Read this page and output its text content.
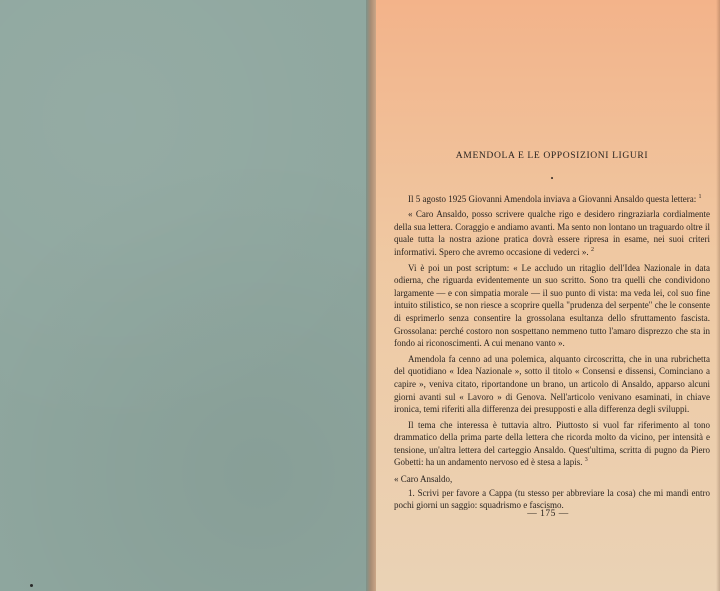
AMENDOLA E LE OPPOSIZIONI LIGURI
•

Il 5 agosto 1925 Giovanni Amendola inviava a Giovanni Ansaldo questa lettera: $^1$

« Caro Ansaldo, posso scrivere qualche rigo e desidero ringraziarla cordialmente della sua lettera. Coraggio e andiamo avanti. Ma sento non lontano un traguardo oltre il quale tutta la nostra azione pratica dovrà essere ripresa in esame, nei suoi criteri informativi. Spero che avremo occasione di vederci ». $^2$

Vi è poi un post scriptum: « Le accludo un ritaglio dell'Idea Nazionale in data odierna, che riguarda evidentemente un suo scritto. Sono tra quelli che condividono largamente — e con simpatia morale — il suo punto di vista: ma veda lei, col suo fine intuito stilistico, se non riesce a scoprire quella "prudenza del serpente" che le consente di esprimerlo senza consentire la grossolana esultanza dello sfruttamento fascista. Grossolana: perché costoro non sospettano nemmeno tutto l'amaro disprezzo che sta in fondo ai riconoscimenti. A cui menano vanto ».

Amendola fa cenno ad una polemica, alquanto circoscritta, che in una rubrichetta del quotidiano « Idea Nazionale », sotto il titolo « Consensi e dissensi, Cominciano a capire », veniva citato, riportandone un brano, un articolo di Ansaldo, apparso alcuni giorni avanti sul « Lavoro » di Genova. Nell'articolo venivano esaminati, in chiave ironica, temi riferiti alla differenza dei presupposti e alla differenza degli sviluppi.

Il tema che interessa è tuttavia altro. Piuttosto si vuol far riferimento al tono drammatico della prima parte della lettera che ricorda molto da vicino, per intensità e tensione, un'altra lettera del carteggio Ansaldo. Quest'ultima, scritta di pugno da Piero Gobetti: ha un andamento nervoso ed è stesa a lapis. $^3$

« Caro Ansaldo,

1. Scrivi per favore a Cappa (tu stesso per abbreviare la cosa) che mi mandi entro pochi giorni un saggio: squadrismo e fascismo.

— 175 —
